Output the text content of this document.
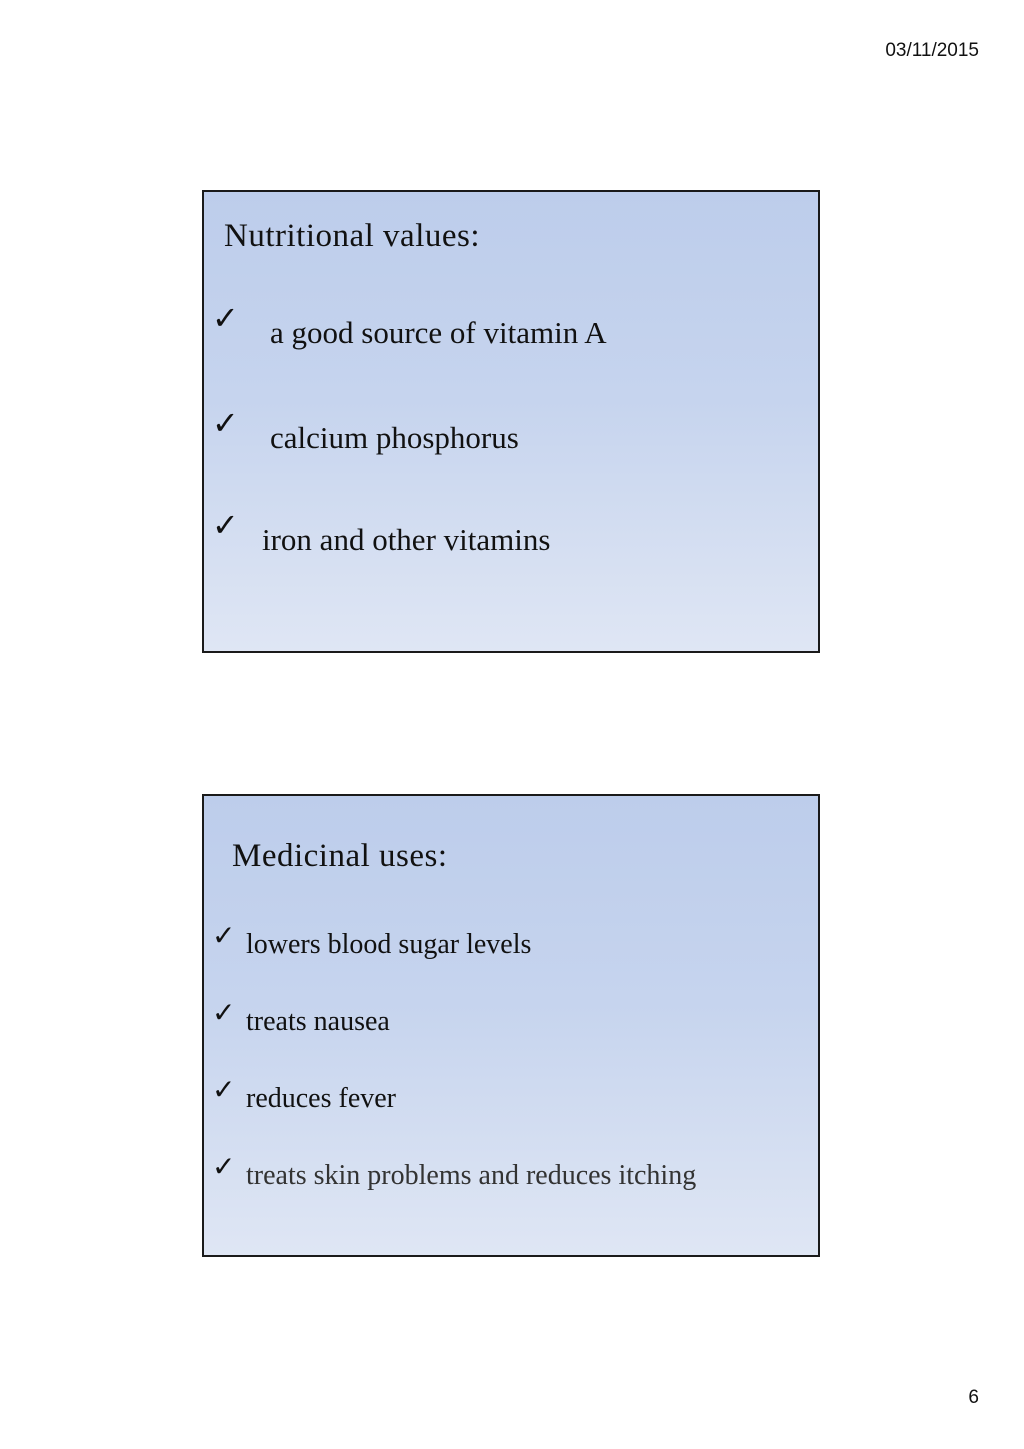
03/11/2015
Nutritional values:
✓	a good source of vitamin A
✓	calcium phosphorus
✓ iron and other vitamins
Medicinal uses:
✓ lowers blood sugar levels
✓ treats nausea
✓ reduces fever
✓ treats skin problems and reduces itching
6
